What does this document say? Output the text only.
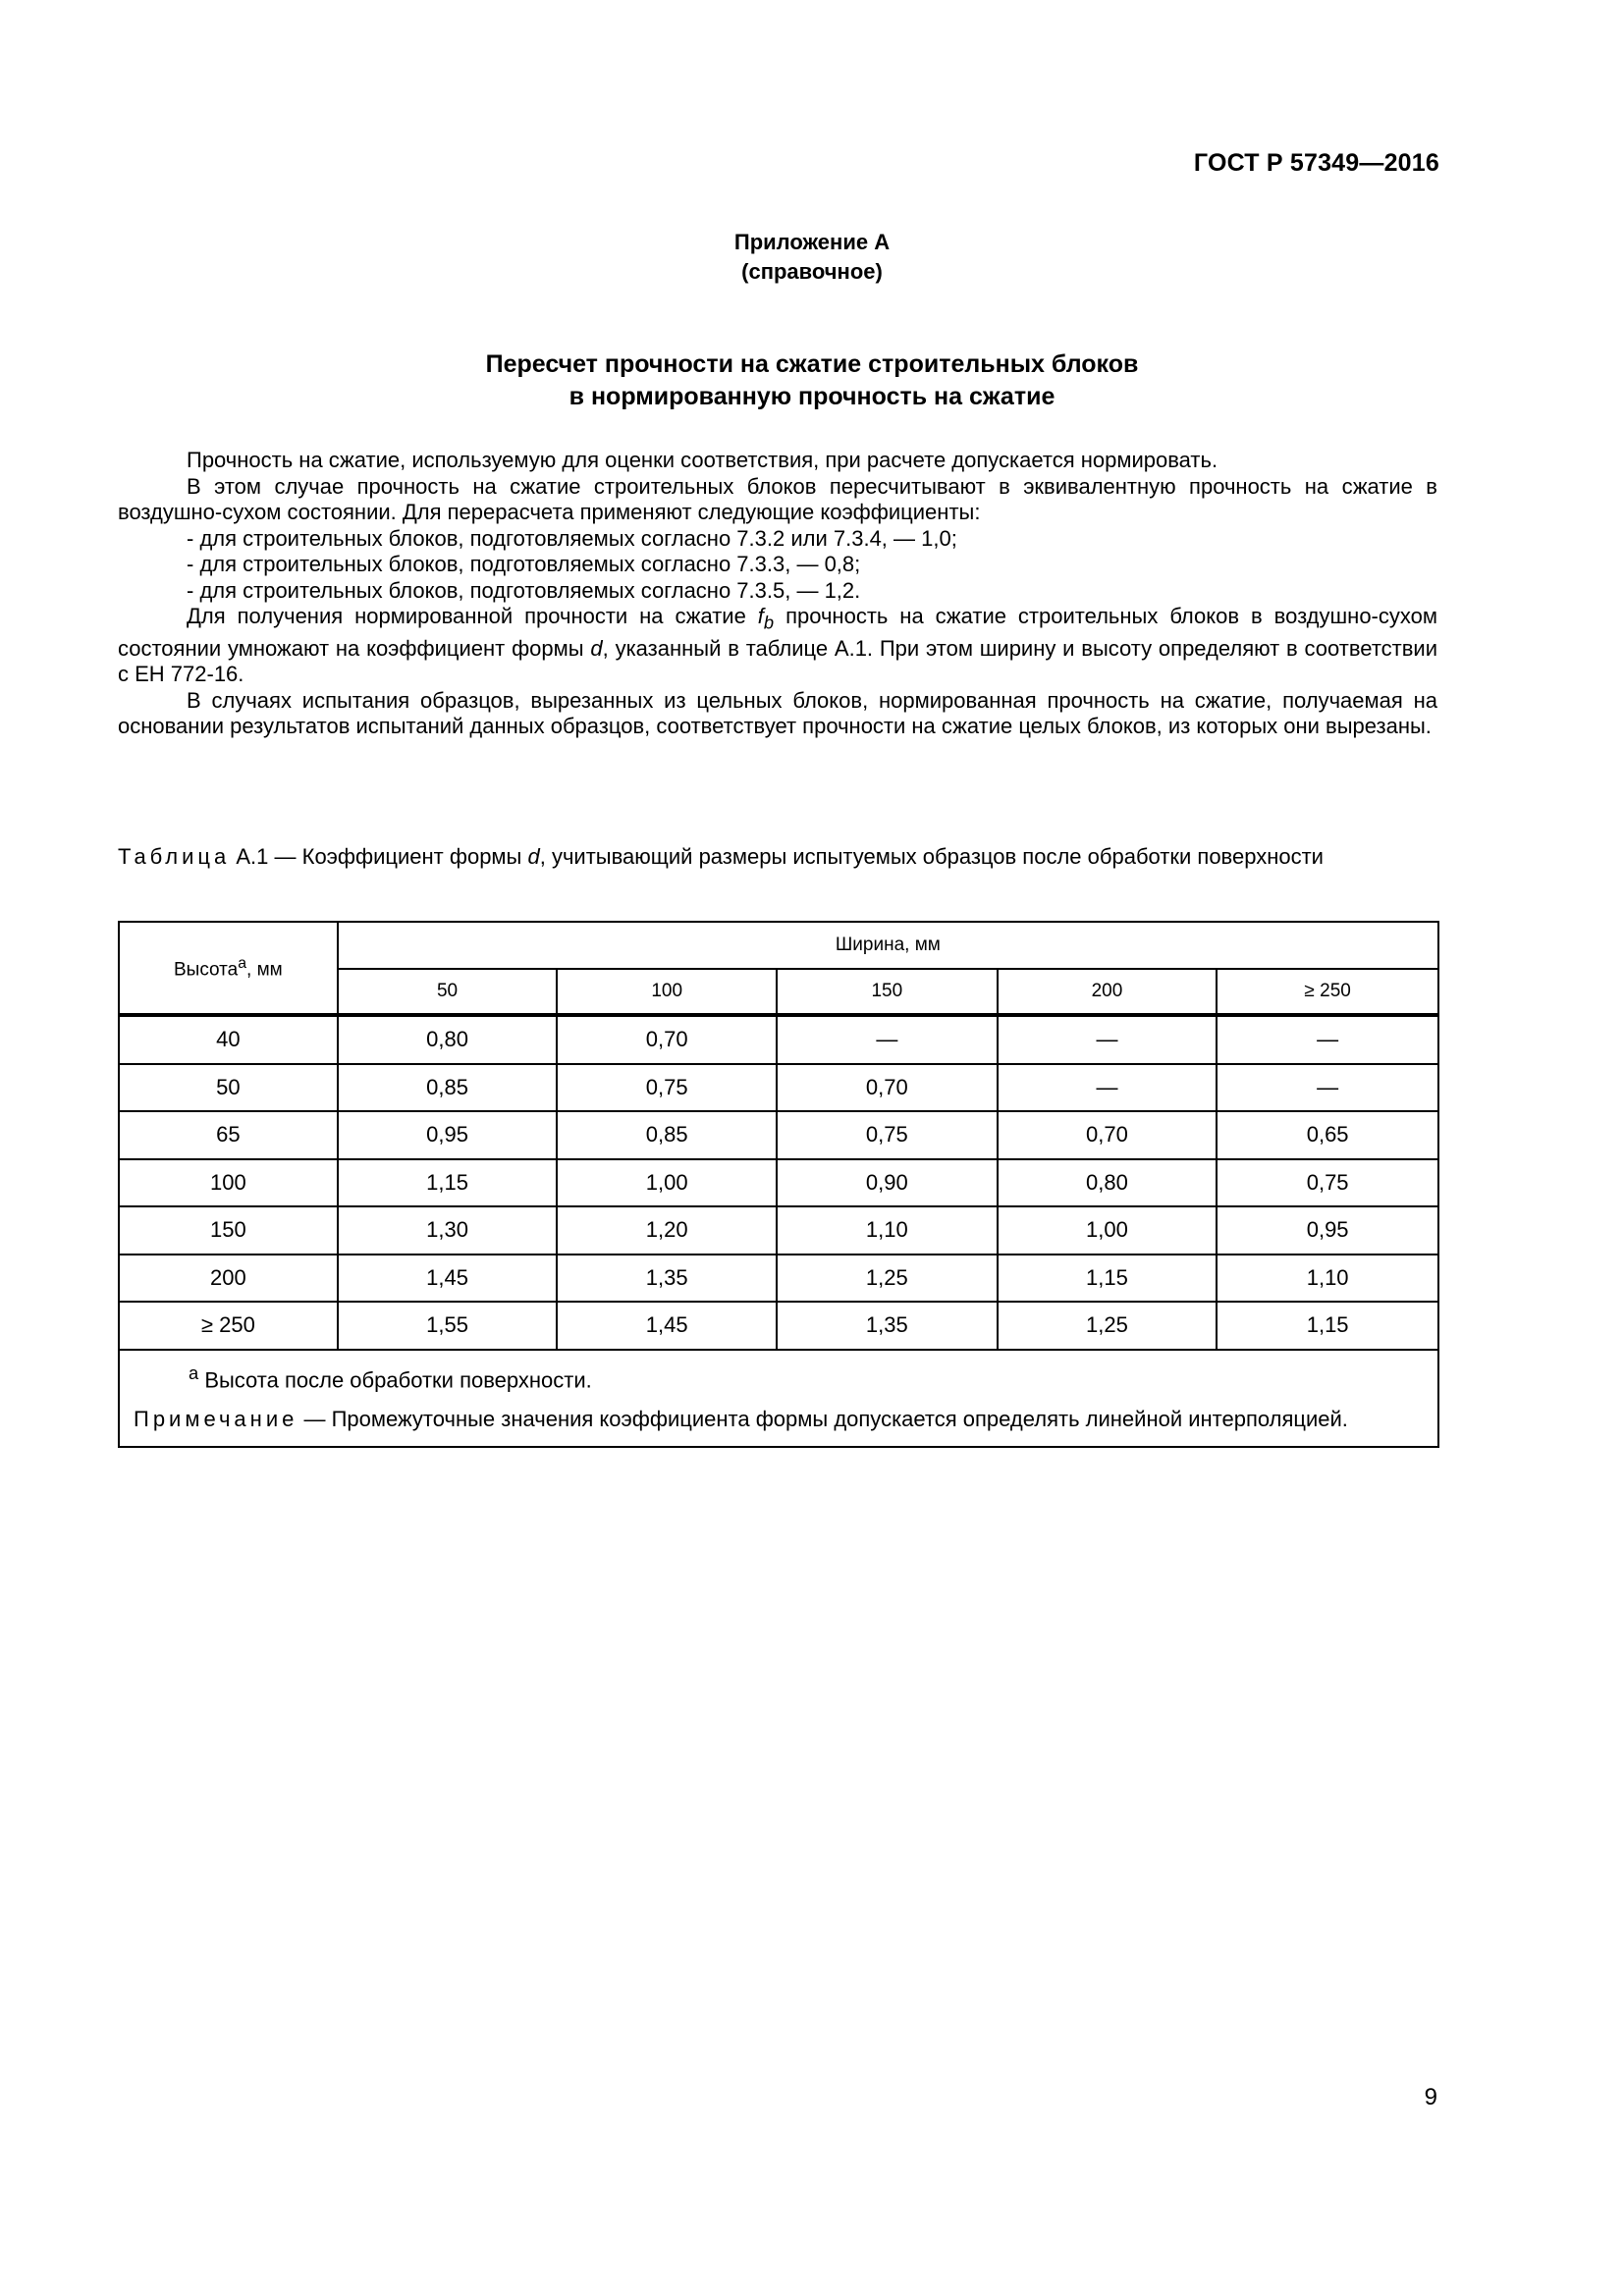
ГОСТ Р 57349—2016
Приложение А
(справочное)
Пересчет прочности на сжатие строительных блоков
в нормированную прочность на сжатие

Прочность на сжатие, используемую для оценки соответствия, при расчете допускается нормировать.

В этом случае прочность на сжатие строительных блоков пересчитывают в эквивалентную прочность на сжатие в воздушно-сухом состоянии. Для перерасчета применяют следующие коэффициенты:

- для строительных блоков, подготовляемых согласно 7.3.2 или 7.3.4, — 1,0;

- для строительных блоков, подготовляемых согласно 7.3.3, — 0,8;

- для строительных блоков, подготовляемых согласно 7.3.5, — 1,2.

Для получения нормированной прочности на сжатие $f_b$ прочность на сжатие строительных блоков в воздушно-сухом состоянии умножают на коэффициент формы d, указанный в таблице А.1. При этом ширину и высоту определяют в соответствии с ЕН 772-16.

В случаях испытания образцов, вырезанных из цельных блоков, нормированная прочность на сжатие, получаемая на основании результатов испытаний данных образцов, соответствует прочности на сжатие целых блоков, из которых они вырезаны.

Таблица А.1 — Коэффициент формы d, учитывающий размеры испытуемых образцов после обработки поверхности
Высота$^а$, мм	Ширина, мм				
	50	100	150	200	≥ 250
40	0,80	0,70	—	—	—
50	0,85	0,75	0,70	—	—
65	0,95	0,85	0,75	0,70	0,65
100	1,15	1,00	0,90	0,80	0,75
150	1,30	1,20	1,10	1,00	0,95
200	1,45	1,35	1,25	1,15	1,10
≥ 250	1,55	1,45	1,35	1,25	1,15

$^а$ Высота после обработки поверхности.
Примечание — Промежуточные значения коэффициента формы допускается определять линейной интерполяцией.					
9
